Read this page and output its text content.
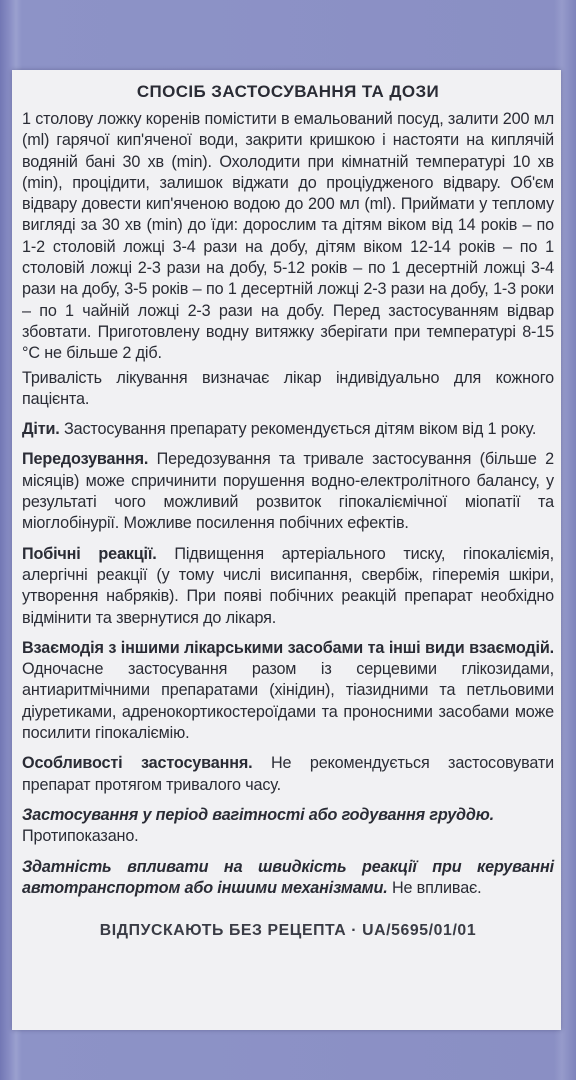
СПОСІБ ЗАСТОСУВАННЯ ТА ДОЗИ

1 столову ложку коренів помістити в емальований посуд, залити 200 мл (ml) гарячої кип'яченої води, закрити кришкою і настояти на киплячій водяній бані 30 хв (min). Охолодити при кімнатній температурі 10 хв (min), процідити, залишок віджати до проціудженого відвару. Об'єм відвару довести кип'яченою водою до 200 мл (ml). Приймати у теплому вигляді за 30 хв (min) до їди: дорослим та дітям віком від 14 років – по 1-2 столовій ложці 3-4 рази на добу, дітям віком 12-14 років – по 1 столовій ложці 2-3 рази на добу, 5-12 років – по 1 десертній ложці 3-4 рази на добу, 3-5 років – по 1 десертній ложці 2-3 рази на добу, 1-3 роки – по 1 чайній ложці 2-3 рази на добу. Перед застосуванням відвар збовтати. Приготовлену водну витяжку зберігати при температурі 8-15 °С не більше 2 діб.

Тривалість лікування визначає лікар індивідуально для кожного пацієнта.

Діти. Застосування препарату рекомендується дітям віком від 1 року.

Передозування. Передозування та тривале застосування (більше 2 місяців) може спричинити порушення водно-електролітного балансу, у результаті чого можливий розвиток гіпокаліємічної міопатії та міоглобінурії. Можливе посилення побічних ефектів.

Побічні реакції. Підвищення артеріального тиску, гіпокаліємія, алергічні реакції (у тому числі висипання, свербіж, гіперемія шкіри, утворення набряків). При появі побічних реакцій препарат необхідно відмінити та звернутися до лікаря.

Взаємодія з іншими лікарськими засобами та інші види взаємодій. Одночасне застосування разом із серцевими глікозидами, антиаритмічними препаратами (хінідин), тіазидними та петльовими діуретиками, адренокортикостероїдами та проносними засобами може посилити гіпокаліємію.

Особливості застосування. Не рекомендується застосовувати препарат протягом тривалого часу.

Застосування у період вагітності або годування груддю.
Протипоказано.

Здатність впливати на швидкість реакції при керуванні автотранспортом або іншими механізмами. Не впливає.

ВІДПУСКАЮТЬ БЕЗ РЕЦЕПТА · UA/5695/01/01
